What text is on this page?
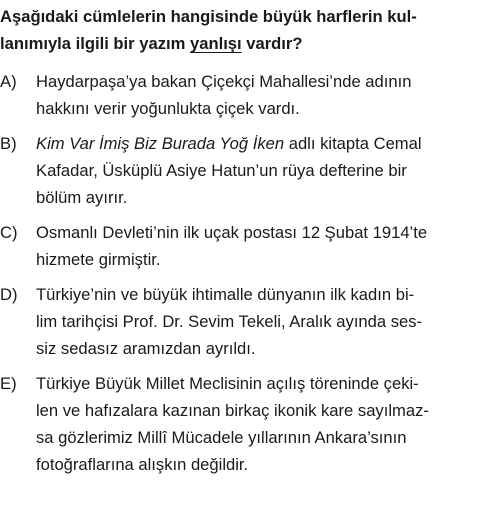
Aşağıdaki cümlelerin hangisinde büyük harflerin kul-
lanımıyla ilgili bir yazım yanlışı vardır?

A) Haydarpaşa’ya bakan Çiçekçi Mahallesi’nde adının
hakkını verir yoğunlukta çiçek vardı.
B) Kim Var İmiş Biz Burada Yoğ İken adlı kitapta Cemal
Kafadar, Üsküplü Asiye Hatun’un rüya defterine bir
bölüm ayırır.
C) Osmanlı Devleti’nin ilk uçak postası 12 Şubat 1914’te
hizmete girmiştir.
D) Türkiye’nin ve büyük ihtimalle dünyanın ilk kadın bi-
lim tarihçisi Prof. Dr. Sevim Tekeli, Aralık ayında ses-
siz sedasız aramızdan ayrıldı.
E) Türkiye Büyük Millet Meclisinin açılış töreninde çeki-
len ve hafızalara kazınan birkaç ikonik kare sayılmaz-
sa gözlerimiz Millî Mücadele yıllarının Ankara’sının
fotoğraflarına alışkın değildir.
